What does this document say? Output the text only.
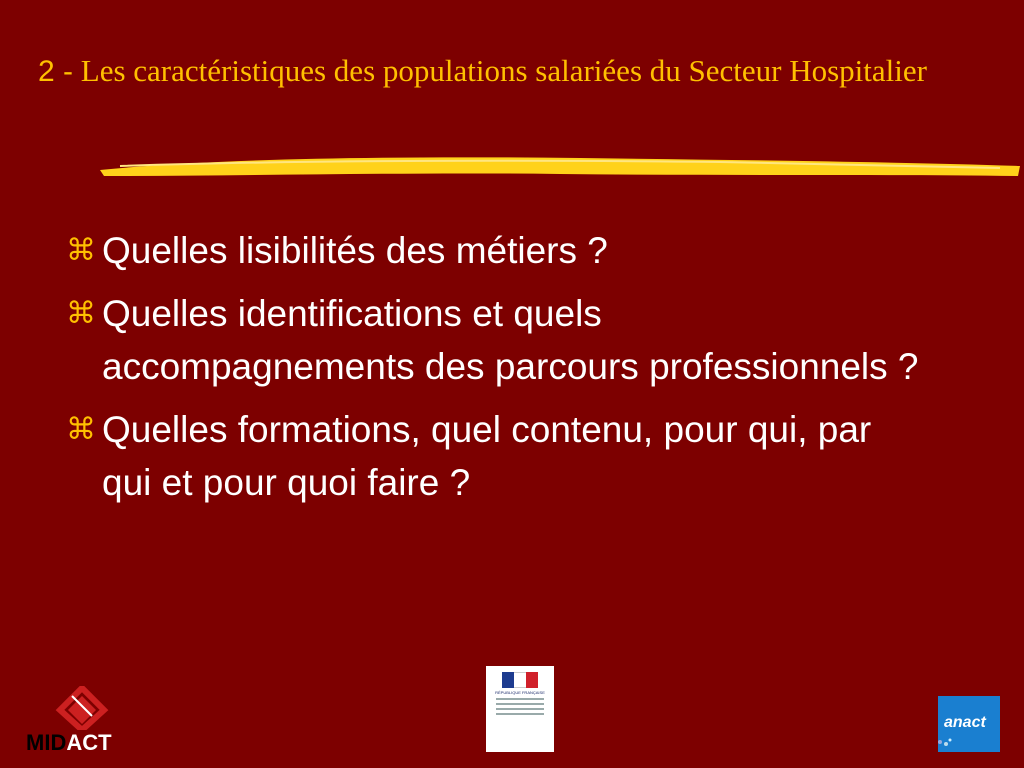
2 - Les caractéristiques des populations salariées du Secteur Hospitalier
⌘ Quelles lisibilités des métiers ?
⌘ Quelles identifications et quels accompagnements des parcours professionnels ?
⌘ Quelles formations, quel contenu, pour qui, par qui et pour quoi faire ?
MIDACT
RÉPUBLIQUE FRANÇAISE
anact
